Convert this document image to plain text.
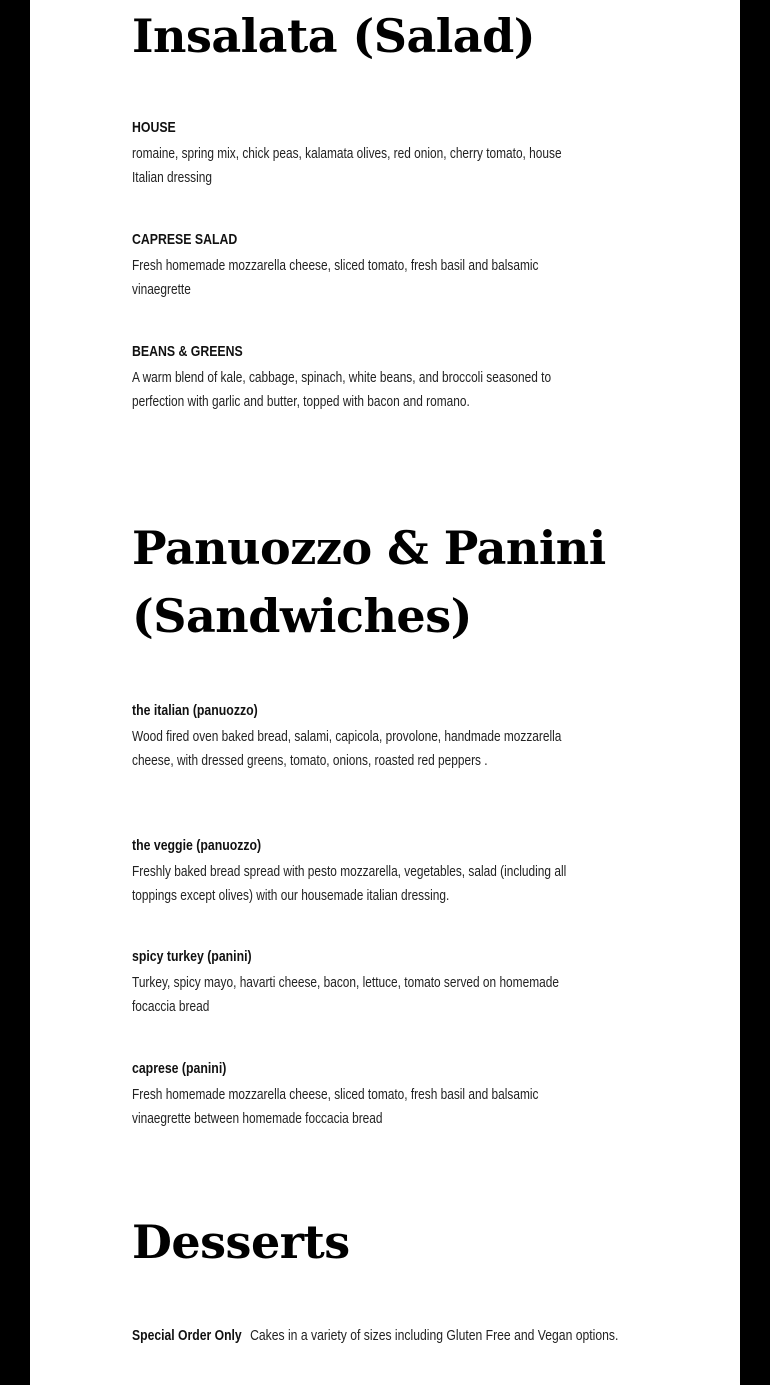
Insalata (Salad)
HOUSE
romaine, spring mix, chick peas, kalamata olives, red onion, cherry tomato, house Italian dressing
CAPRESE SALAD
Fresh homemade mozzarella cheese, sliced tomato, fresh basil and balsamic vinaegrette
BEANS & GREENS
A warm blend of kale, cabbage, spinach, white beans, and broccoli seasoned to perfection with garlic and butter, topped with bacon and romano.
Panuozzo & Panini (Sandwiches)
the italian (panuozzo)
Wood fired oven baked bread, salami, capicola, provolone, handmade mozzarella cheese, with dressed greens, tomato, onions, roasted red peppers .
the veggie (panuozzo)
Freshly baked bread spread with pesto mozzarella, vegetables, salad (including all toppings except olives) with our housemade italian dressing.
spicy turkey (panini)
Turkey, spicy mayo, havarti cheese, bacon, lettuce, tomato served on homemade focaccia bread
caprese (panini)
Fresh homemade mozzarella cheese, sliced tomato, fresh basil and balsamic vinaegrette between homemade foccacia bread
Desserts
Special Order Only Cakes in a variety of sizes including Gluten Free and Vegan options.
